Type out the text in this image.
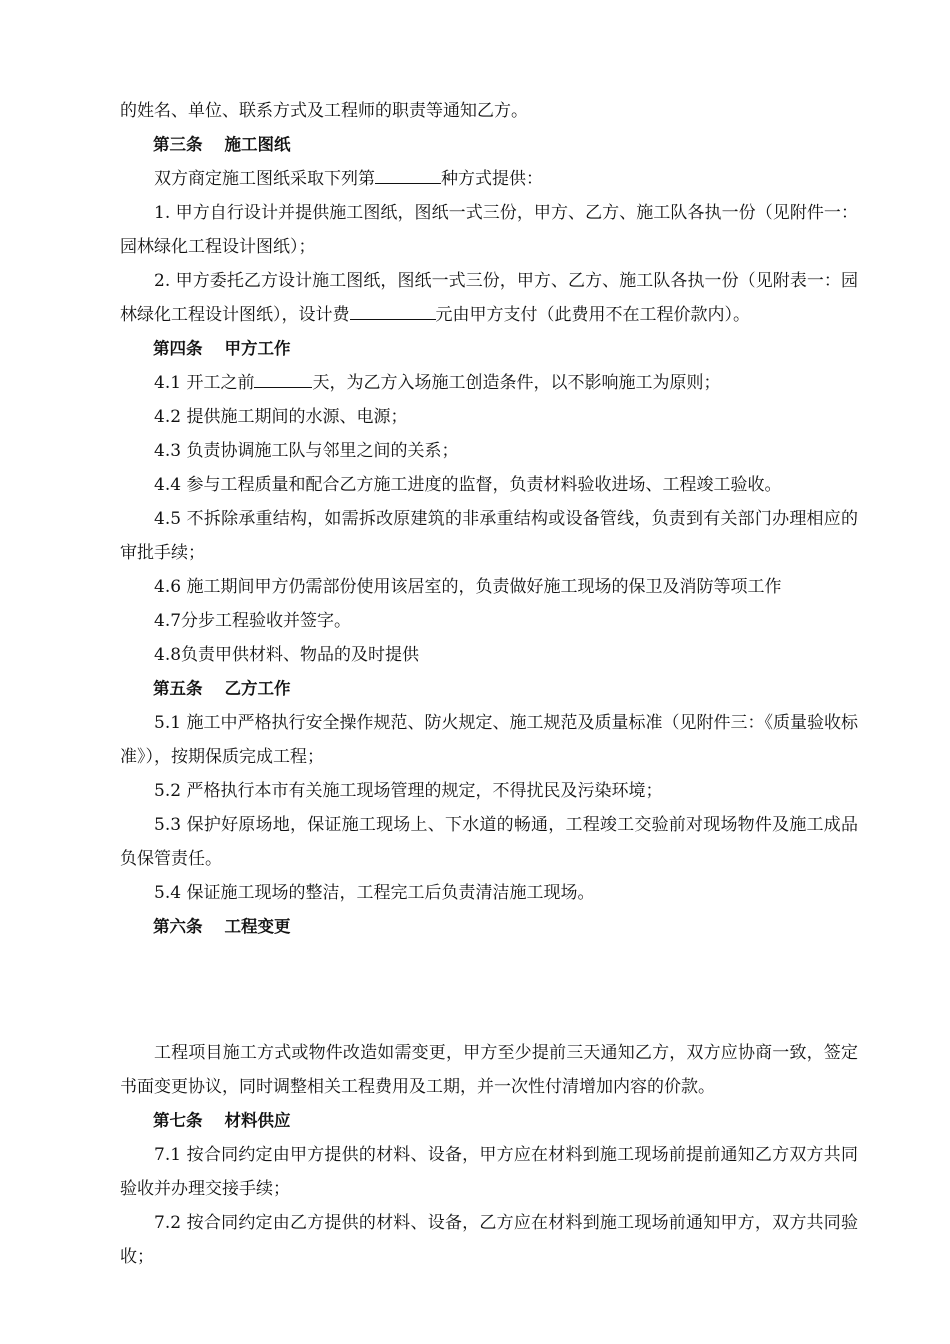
的姓名、单位、联系方式及工程师的职责等通知乙方。

第三条 施工图纸

双方商定施工图纸采取下列第	种方式提供：

1. 甲方自行设计并提供施工图纸，图纸一式三份，甲方、乙方、施工队各执一份（见附件一：园林绿化工程设计图纸）；

2. 甲方委托乙方设计施工图纸，图纸一式三份，甲方、乙方、施工队各执一份（见附表一：园林绿化工程设计图纸），设计费	元由甲方支付（此费用不在工程价款内）。

第四条 甲方工作

4.1 开工之前	天，为乙方入场施工创造条件，以不影响施工为原则；

4.2 提供施工期间的水源、电源；

4.3 负责协调施工队与邻里之间的关系；

4.4 参与工程质量和配合乙方施工进度的监督，负责材料验收进场、工程竣工验收。

4.5 不拆除承重结构，如需拆改原建筑的非承重结构或设备管线，负责到有关部门办理相应的审批手续；

4.6 施工期间甲方仍需部份使用该居室的，负责做好施工现场的保卫及消防等项工作

4.7分步工程验收并签字。

4.8负责甲供材料、物品的及时提供

第五条 乙方工作

5.1 施工中严格执行安全操作规范、防火规定、施工规范及质量标准（见附件三：《质量验收标准》），按期保质完成工程；

5.2 严格执行本市有关施工现场管理的规定，不得扰民及污染环境；

5.3 保护好原场地，保证施工现场上、下水道的畅通，工程竣工交验前对现场物件及施工成品负保管责任。

5.4 保证施工现场的整洁，工程完工后负责清洁施工现场。

第六条 工程变更

工程项目施工方式或物件改造如需变更，甲方至少提前三天通知乙方，双方应协商一致，签定书面变更协议，同时调整相关工程费用及工期，并一次性付清增加内容的价款。

第七条 材料供应

7.1 按合同约定由甲方提供的材料、设备，甲方应在材料到施工现场前提前通知乙方双方共同验收并办理交接手续；

7.2 按合同约定由乙方提供的材料、设备，乙方应在材料到施工现场前通知甲方，双方共同验收；
